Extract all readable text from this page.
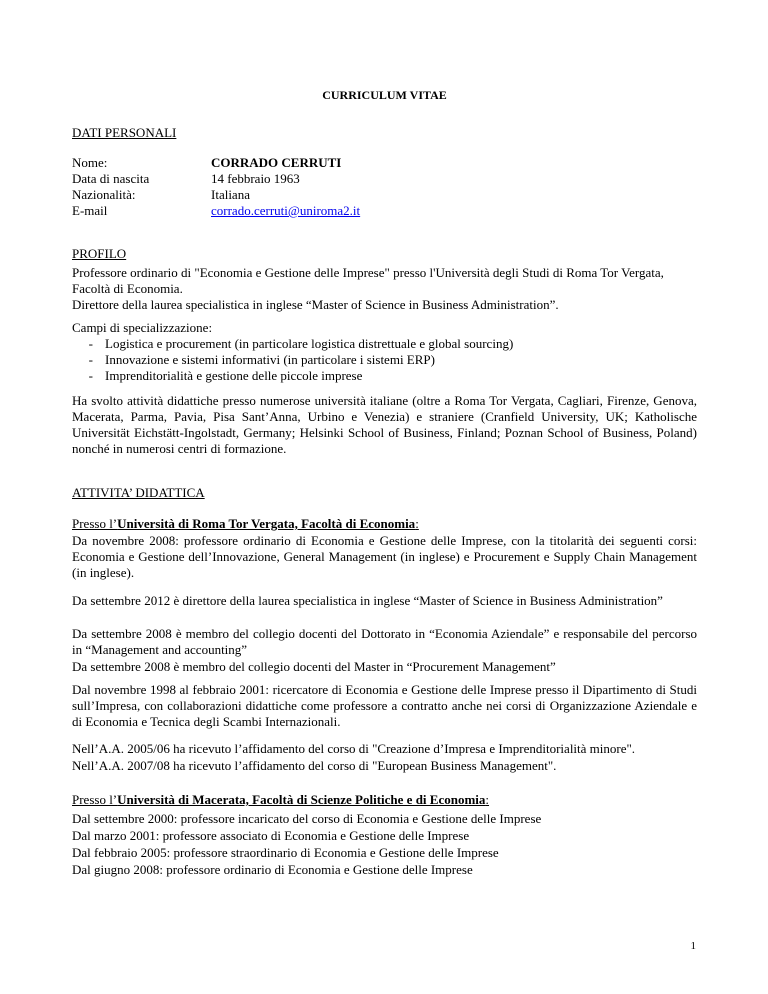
CURRICULUM VITAE
DATI PERSONALI
Nome:	CORRADO CERRUTI
Data di nascita	14 febbraio 1963
Nazionalità:	Italiana
E-mail	corrado.cerruti@uniroma2.it
PROFILO
Professore ordinario di "Economia e Gestione delle Imprese" presso l'Università degli Studi di Roma Tor Vergata, Facoltà di Economia.
Direttore della laurea specialistica in inglese “Master of Science in Business Administration”.
Campi di specializzazione:
- Logistica e procurement (in particolare logistica distrettuale e global sourcing)
- Innovazione e sistemi informativi (in particolare i sistemi ERP)
- Imprenditorialità e gestione delle piccole imprese
Ha svolto attività didattiche presso numerose università italiane (oltre a Roma Tor Vergata, Cagliari, Firenze, Genova, Macerata, Parma, Pavia, Pisa Sant’Anna, Urbino e Venezia) e straniere (Cranfield University, UK; Katholische Universität Eichstätt-Ingolstadt, Germany; Helsinki School of Business, Finland; Poznan School of Business, Poland) nonché in numerosi centri di formazione.
ATTIVITA’ DIDATTICA
Presso l’Università di Roma Tor Vergata, Facoltà di Economia:
Da novembre 2008: professore ordinario di Economia e Gestione delle Imprese, con la titolarità dei seguenti corsi: Economia e Gestione dell’Innovazione, General Management (in inglese) e Procurement e Supply Chain Management (in inglese).
Da settembre 2012 è direttore della laurea specialistica in inglese “Master of Science in Business Administration”
Da settembre 2008 è membro del collegio docenti del Dottorato in “Economia Aziendale” e responsabile del percorso in “Management and accounting”
Da settembre 2008 è membro del collegio docenti del Master in “Procurement Management”
Dal novembre 1998 al febbraio 2001: ricercatore di Economia e Gestione delle Imprese presso il Dipartimento di Studi sull’Impresa, con collaborazioni didattiche come professore a contratto anche nei corsi di Organizzazione Aziendale e di Economia e Tecnica degli Scambi Internazionali.
Nell’A.A. 2005/06 ha ricevuto l’affidamento del corso di "Creazione d’Impresa e Imprenditorialità minore".
Nell’A.A. 2007/08 ha ricevuto l’affidamento del corso di "European Business Management".
Presso l’Università di Macerata, Facoltà di Scienze Politiche e di Economia:
Dal settembre 2000: professore incaricato del corso di Economia e Gestione delle Imprese
Dal marzo 2001: professore associato di Economia e Gestione delle Imprese
Dal febbraio 2005: professore straordinario di Economia e Gestione delle Imprese
Dal giugno 2008: professore ordinario di Economia e Gestione delle Imprese
1
